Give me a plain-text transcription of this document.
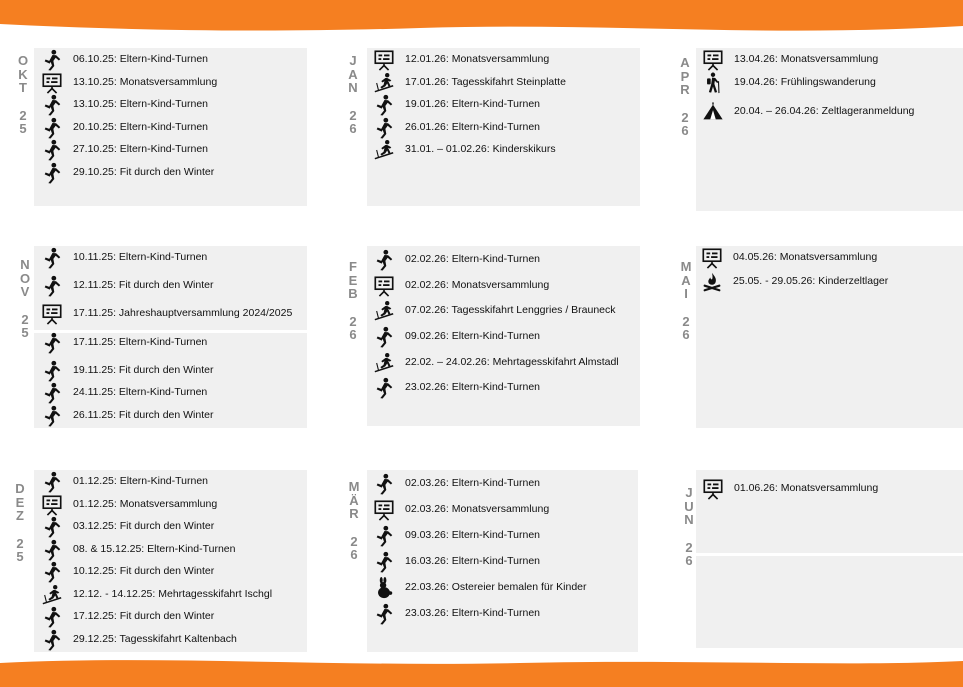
O
K
T
2
5
06.10.25: Eltern-Kind-Turnen
13.10.25: Monatsversammlung
13.10.25: Eltern-Kind-Turnen
20.10.25: Eltern-Kind-Turnen
27.10.25: Eltern-Kind-Turnen
29.10.25: Fit durch den Winter
N
O
V
2
5
10.11.25: Eltern-Kind-Turnen
12.11.25: Fit durch den Winter
17.11.25: Jahreshauptversammlung 2024/2025
17.11.25: Eltern-Kind-Turnen
19.11.25: Fit durch den Winter
24.11.25: Eltern-Kind-Turnen
26.11.25: Fit durch den Winter
D
E
Z
2
5
01.12.25: Eltern-Kind-Turnen
01.12.25: Monatsversammlung
03.12.25: Fit durch den Winter
08. & 15.12.25: Eltern-Kind-Turnen
10.12.25: Fit durch den Winter
12.12. - 14.12.25: Mehrtagesskifahrt Ischgl
17.12.25: Fit durch den Winter
29.12.25: Tagesskifahrt Kaltenbach
J
A
N
2
6
12.01.26: Monatsversammlung
17.01.26: Tagesskifahrt Steinplatte
19.01.26: Eltern-Kind-Turnen
26.01.26: Eltern-Kind-Turnen
31.01. – 01.02.26: Kinderskikurs
F
E
B
2
6
02.02.26: Eltern-Kind-Turnen
02.02.26: Monatsversammlung
07.02.26: Tagesskifahrt Lenggries / Brauneck
09.02.26: Eltern-Kind-Turnen
22.02. – 24.02.26: Mehrtagesskifahrt Almstadl
23.02.26: Eltern-Kind-Turnen
M
Ä
R
2
6
02.03.26: Eltern-Kind-Turnen
02.03.26: Monatsversammlung
09.03.26: Eltern-Kind-Turnen
16.03.26: Eltern-Kind-Turnen
22.03.26: Ostereier bemalen für Kinder
23.03.26: Eltern-Kind-Turnen
A
P
R
2
6
13.04.26: Monatsversammlung
19.04.26: Frühlingswanderung
20.04. – 26.04.26: Zeltlageranmeldung
M
A
I
2
6
04.05.26: Monatsversammlung
25.05. - 29.05.26: Kinderzeltlager
J
U
N
2
6
01.06.26: Monatsversammlung
